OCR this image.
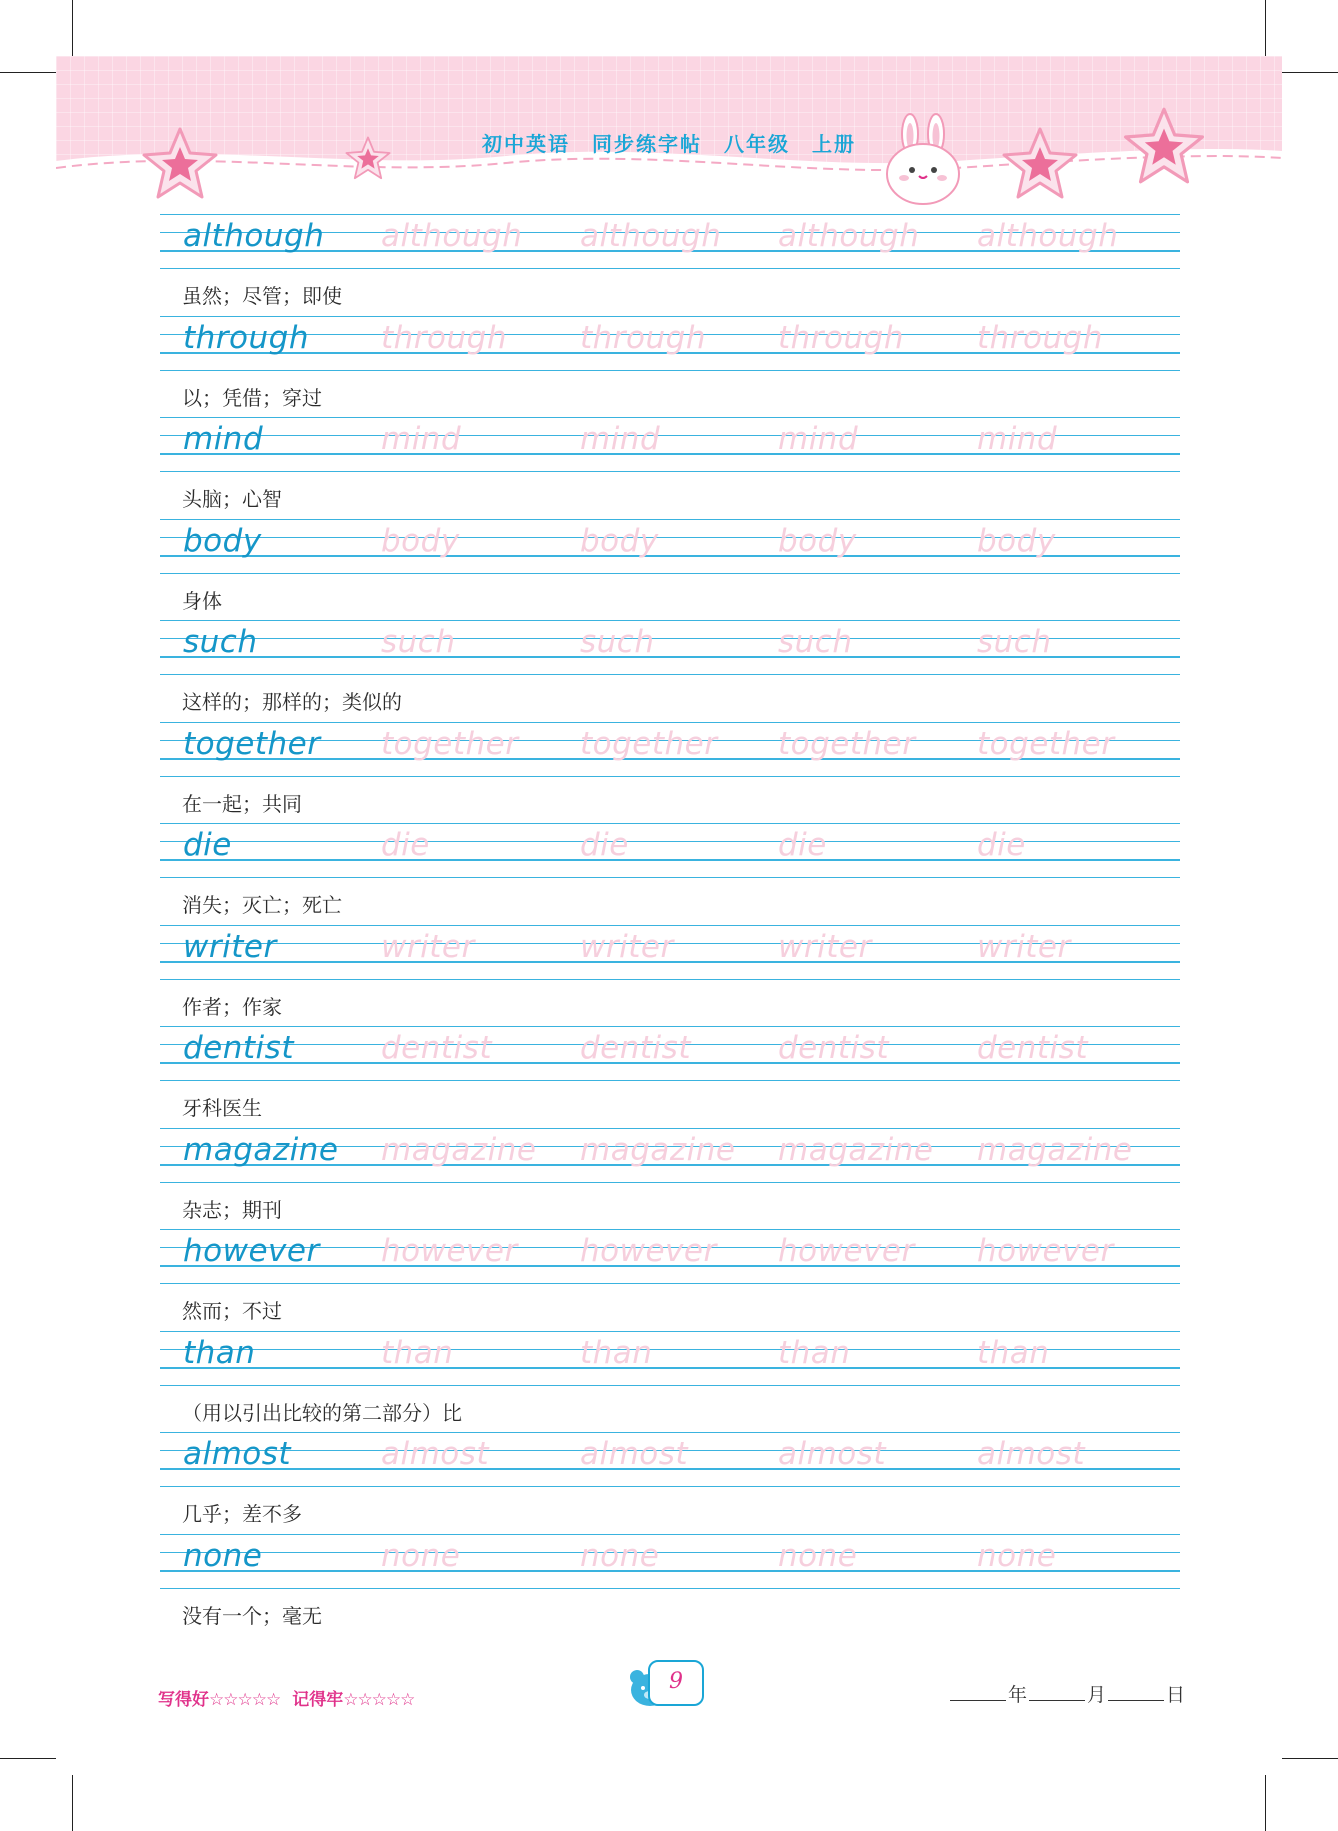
初中英语　同步练字帖　八年级　上册
although although although although although
虽然；尽管；即使
through through through through through
以；凭借；穿过
mind	mind	mind	mind	mind
头脑；心智
body	body	body	body	body
身体
such	such	such	such	such
这样的；那样的；类似的
together together together together together
在一起；共同
die	die	die	die	die
消失；灭亡；死亡
writer	writer	writer	writer	writer
作者；作家
dentist	dentist	dentist	dentist	dentist
牙科医生
magazine magazine magazine magazine magazine
杂志；期刊
however however however however however
然而；不过
than	than	than	than	than
（用以引出比较的第二部分）比
almost	almost	almost	almost	almost
几乎；差不多
none	none	none	none	none
没有一个；毫无
写得好☆☆☆☆☆ 记得牢☆☆☆☆☆
9
年	月	日
